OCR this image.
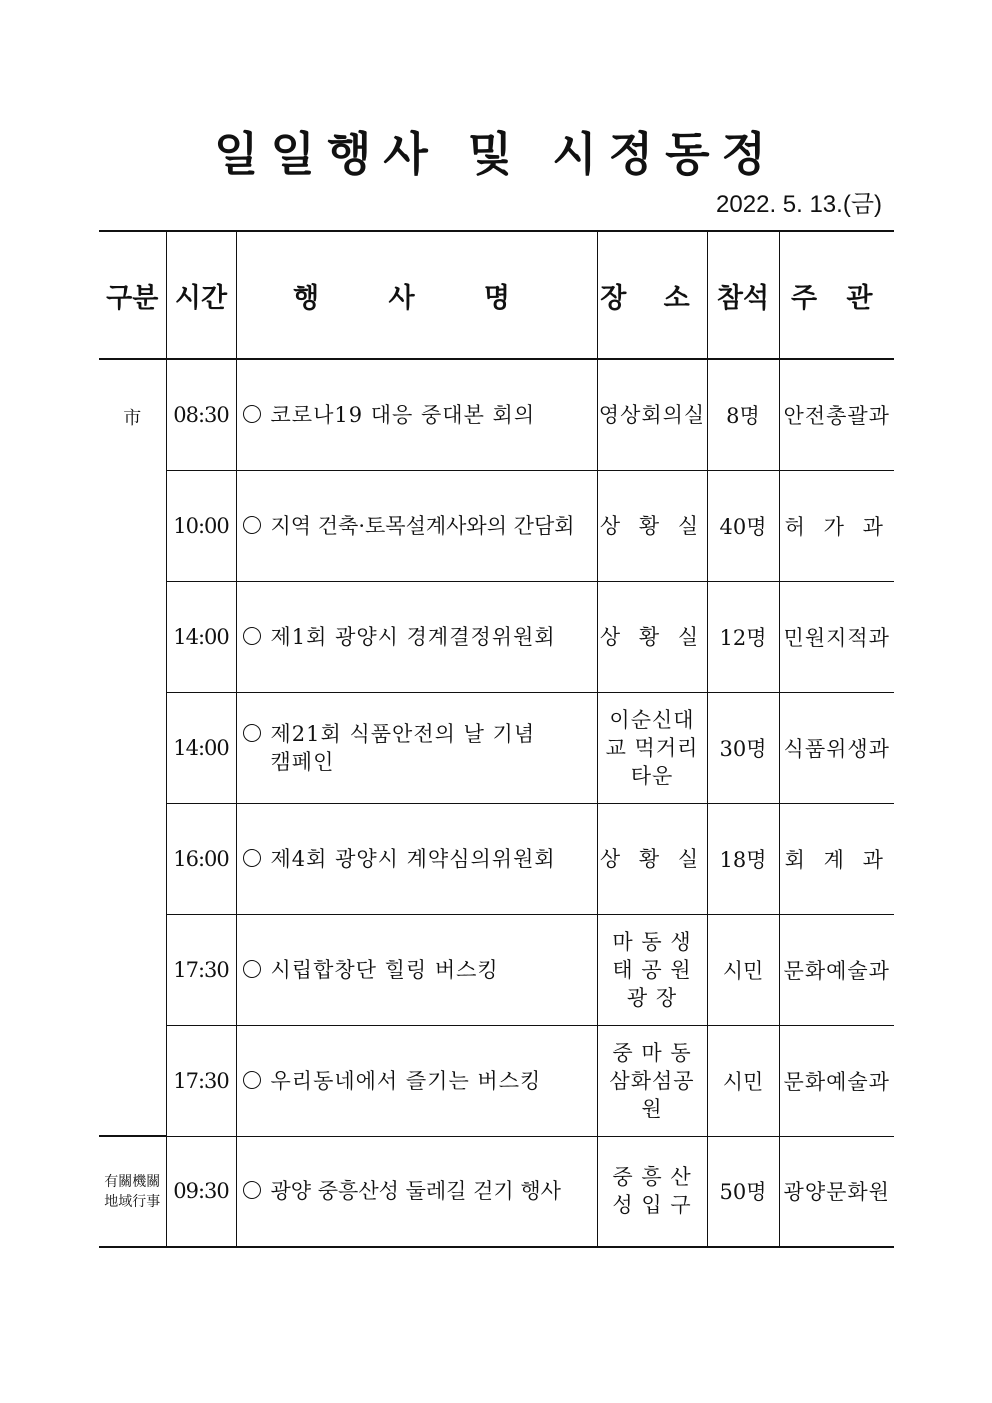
일일행사 및 시정동정
2022. 5. 13.(금)
구분	시간	행 사 명	장 소	참석	주 관
市	08:30	코로나19 대응 중대본 회의	영상회의실	8명	안전총괄과
	10:00	지역 건축·토목설계사와의 간담회	상 황 실	40명	허 가 과
	14:00	제1회 광양시 경계결정위원회	상 황 실	12명	민원지적과
	14:00	제21회 식품안전의 날 기념 캠페인	이순신대교 먹거리타운	30명	식품위생과
	16:00	제4회 광양시 계약심의위원회	상 황 실	18명	회 계 과
	17:30	시립합창단 힐링 버스킹	마 동 생 태 공 원 광 장	시민	문화예술과
	17:30	우리동네에서 즐기는 버스킹	중 마 동 삼화섬공원	시민	문화예술과
有關機關 地域行事	09:30	광양 중흥산성 둘레길 걷기 행사	중 흥 산 성 입 구	50명	광양문화원
